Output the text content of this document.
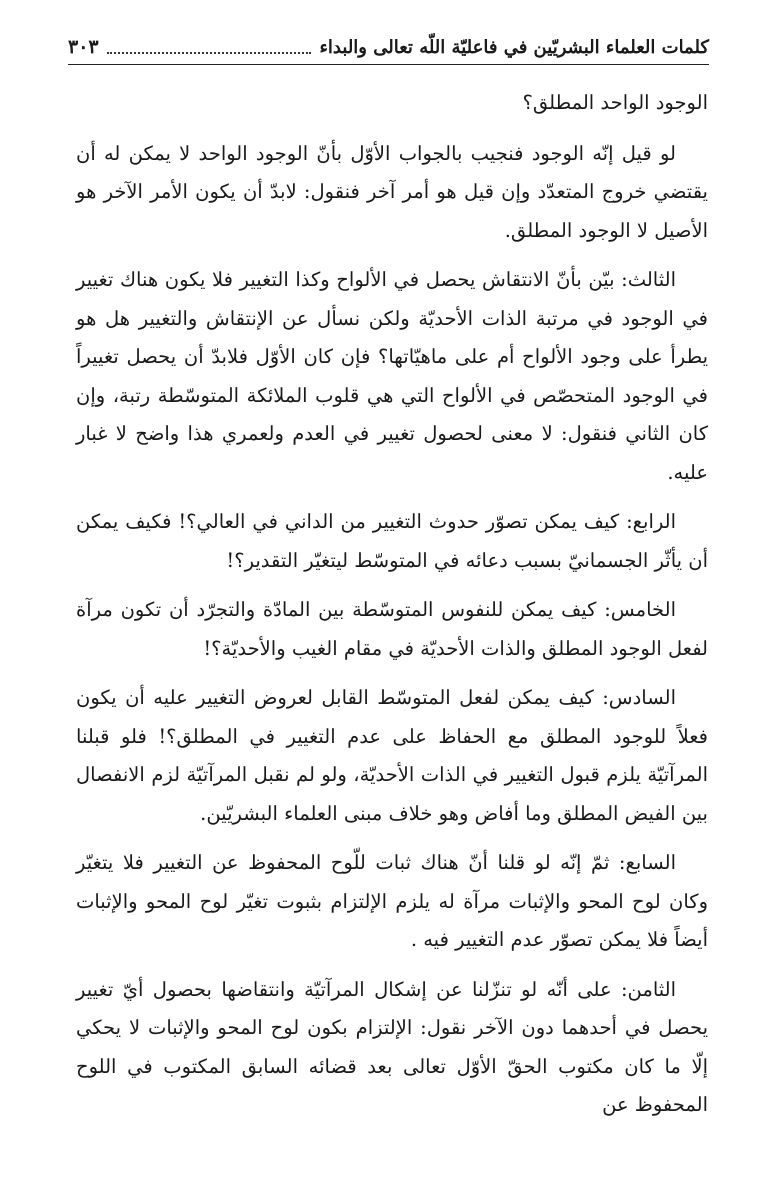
كلمات العلماء البشريّين في فاعليّة اللّه تعالى والبداء
٣٠٣

الوجود الواحد المطلق؟

لو قيل إنّه الوجود فنجيب بالجواب الأوّل بأنّ الوجود الواحد لا يمكن له أن يقتضي خروج المتعدّد وإن قيل هو أمر آخر فنقول: لابدّ أن يكون الأمر الآخر هو الأصيل لا الوجود المطلق.

الثالث: بيّن بأنّ الانتقاش يحصل في الألواح وكذا التغيير فلا يكون هناك تغيير في الوجود في مرتبة الذات الأحديّة ولكن نسأل عن الإنتقاش والتغيير هل هو يطرأ على وجود الألواح أم على ماهيّاتها؟ فإن كان الأوّل فلابدّ أن يحصل تغييراً في الوجود المتحصّص في الألواح التي هي قلوب الملائكة المتوسّطة رتبة، وإن كان الثاني فنقول: لا معنى لحصول تغيير في العدم ولعمري هذا واضح لا غبار عليه.

الرابع: كيف يمكن تصوّر حدوث التغيير من الداني في العالي؟! فكيف يمكن أن يأثّر الجسمانيّ بسبب دعائه في المتوسّط ليتغيّر التقدير؟!

الخامس: كيف يمكن للنفوس المتوسّطة بين المادّة والتجرّد أن تكون مرآة لفعل الوجود المطلق والذات الأحديّة في مقام الغيب والأحديّة؟!

السادس: كيف يمكن لفعل المتوسّط القابل لعروض التغيير عليه أن يكون فعلاً للوجود المطلق مع الحفاظ على عدم التغيير في المطلق؟! فلو قبلنا المرآتيّة يلزم قبول التغيير في الذات الأحديّة، ولو لم نقبل المرآتيّة لزم الانفصال بين الفيض المطلق وما أفاض وهو خلاف مبنى العلماء البشريّين.

السابع: ثمّ إنّه لو قلنا أنّ هناك ثبات للّوح المحفوظ عن التغيير فلا يتغيّر وكان لوح المحو والإثبات مرآة له يلزم الإلتزام بثبوت تغيّر لوح المحو والإثبات أيضاً فلا يمكن تصوّر عدم التغيير فيه .

الثامن: على أنّه لو تنزّلنا عن إشكال المرآتيّة وانتقاضها بحصول أيّ تغيير يحصل في أحدهما دون الآخر نقول: الإلتزام بكون لوح المحو والإثبات لا يحكي إلّا ما كان مكتوب الحقّ الأوّل تعالى بعد قضائه السابق المكتوب في اللوح المحفوظ عن
